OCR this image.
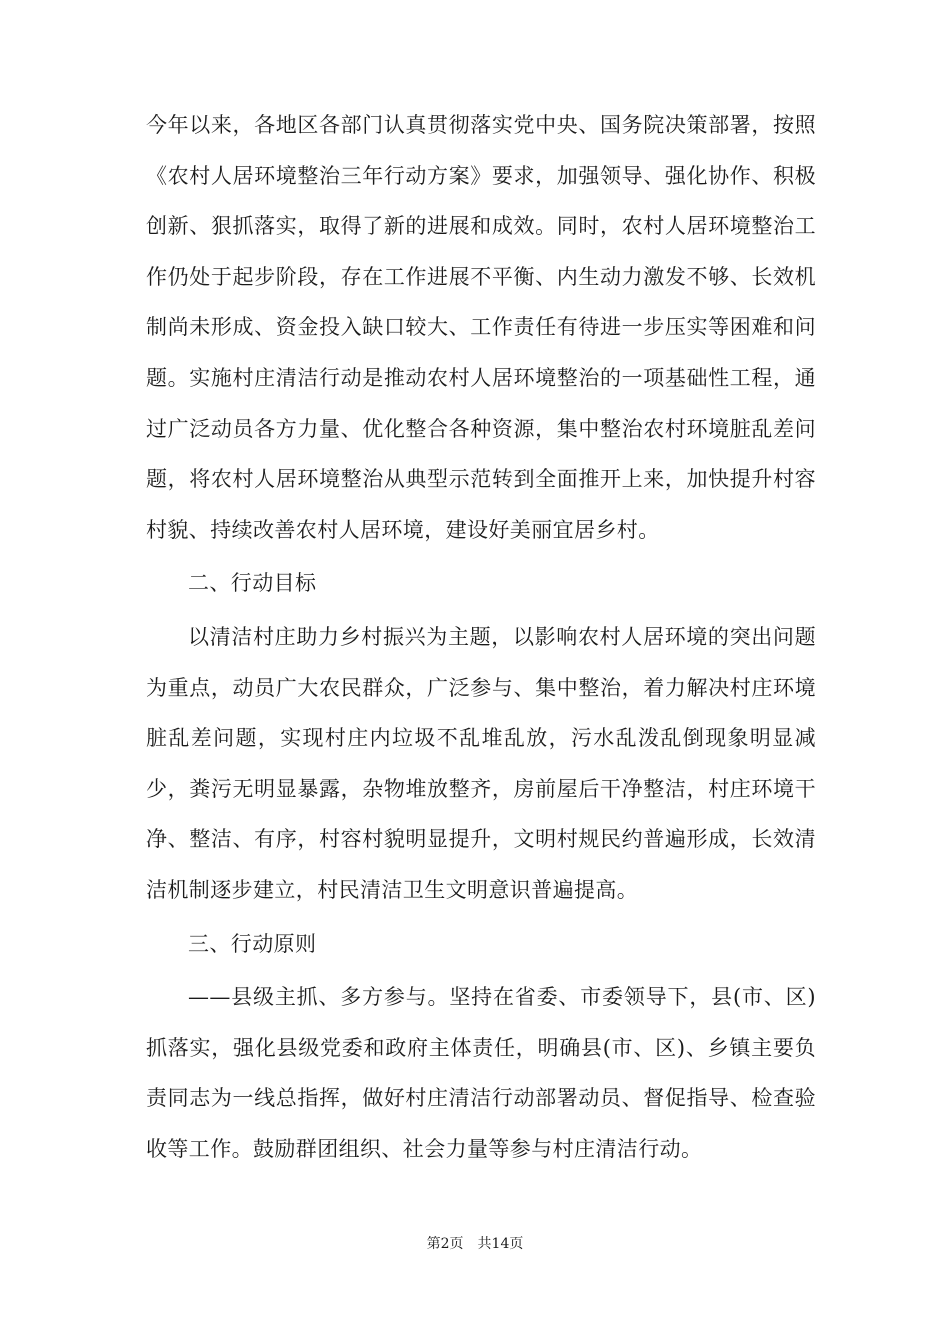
今年以来，各地区各部门认真贯彻落实党中央、国务院决策部署，按照《农村人居环境整治三年行动方案》要求，加强领导、强化协作、积极创新、狠抓落实，取得了新的进展和成效。同时，农村人居环境整治工作仍处于起步阶段，存在工作进展不平衡、内生动力激发不够、长效机制尚未形成、资金投入缺口较大、工作责任有待进一步压实等困难和问题。实施村庄清洁行动是推动农村人居环境整治的一项基础性工程，通过广泛动员各方力量、优化整合各种资源，集中整治农村环境脏乱差问题，将农村人居环境整治从典型示范转到全面推开上来，加快提升村容村貌、持续改善农村人居环境，建设好美丽宜居乡村。

二、行动目标

以清洁村庄助力乡村振兴为主题，以影响农村人居环境的突出问题为重点，动员广大农民群众，广泛参与、集中整治，着力解决村庄环境脏乱差问题，实现村庄内垃圾不乱堆乱放，污水乱泼乱倒现象明显减少，粪污无明显暴露，杂物堆放整齐，房前屋后干净整洁，村庄环境干净、整洁、有序，村容村貌明显提升，文明村规民约普遍形成，长效清洁机制逐步建立，村民清洁卫生文明意识普遍提高。

三、行动原则

——县级主抓、多方参与。坚持在省委、市委领导下，县(市、区)抓落实，强化县级党委和政府主体责任，明确县(市、区)、乡镇主要负责同志为一线总指挥，做好村庄清洁行动部署动员、督促指导、检查验收等工作。鼓励群团组织、社会力量等参与村庄清洁行动。

第2页 共14页
